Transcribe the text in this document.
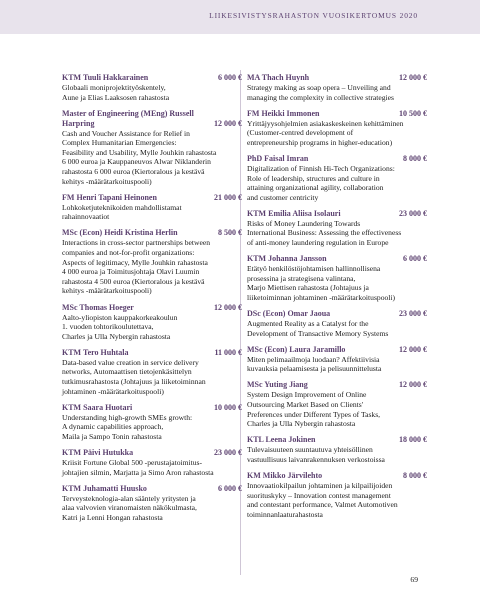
LIIKESIVISTYSRAHASTON VUOSIKERTOMUS 2020
KTM Tuuli Hakkarainen	6 000 €
Globaali moniprojektityöskentely,
Aune ja Elias Laaksosen rahastosta
Master of Engineering (MEng) Russell
Harpring	12 000 €
Cash and Voucher Assistance for Relief in
Complex Humanitarian Emergencies:
Feasibility and Usability, Mylle Jouhkin rahastosta
6 000 euroa ja Kauppaneuvos Alwar Niklanderin
rahastosta 6 000 euroa (Kiertoralous ja kestävä
kehitys -määrätarkoituspooli)
FM Henri Tapani Heinonen	21 000 €
Lohkoketjuteknikoiden mahdollistamat
rahainnovaatiot
MSc (Econ) Heidi Kristina Herlin	8 500 €
Interactions in cross-sector partnerships between
companies and not-for-profit organizations:
Aspects of legitimacy, Mylle Jouhkin rahastosta
4 000 euroa ja Toimitusjohtaja Olavi Luumin
rahastosta 4 500 euroa (Kiertoralous ja kestävä
kehitys -määrätarkoituspooli)
MSc Thomas Hoeger	12 000 €
Aalto-yliopiston kauppakorkeakoulun
1. vuoden tohtorikoulutettava,
Charles ja Ulla Nybergin rahastosta
KTM Tero Huhtala	11 000 €
Data-based value creation in service delivery
networks, Automaattisen tietojenkäsittelyn
tutkimusrahastosta (Johtajuus ja liiketoiminnan
johtaminen -määrätarkoituspooli)
KTM Saara Huotari	10 000 €
Understanding high-growth SMEs growth:
A dynamic capabilities approach,
Maila ja Sampo Tonin rahastosta
KTM Päivi Hutukka	23 000 €
Kriisit Fortune Global 500 -perustajatoimitus-
johtajien silmin, Marjatta ja Simo Aron rahastosta
KTM Juhamatti Huusko	6 000 €
Terveysteknologia-alan sääntely yritysten ja
alaa valvovien viranomaisten näkökulmasta,
Katri ja Lenni Hongan rahastosta
MA Thach Huynh	12 000 €
Strategy making as soap opera – Unveiling and
managing the complexity in collective strategies
FM Heikki Immonen	10 500 €
Yrittäjyysohjelmien asiakaskeskeinen kehittäminen
(Customer-centred development of
entrepreneurship programs in higher-education)
PhD Faisal Imran	8 000 €
Digitalization of Finnish Hi-Tech Organizations:
Role of leadership, structures and culture in
attaining organizational agility, collaboration
and customer centricity
KTM Emilia Aliisa Isolauri	23 000 €
Risks of Money Laundering Towards
International Business: Assessing the effectiveness
of anti-money laundering regulation in Europe
KTM Johanna Jansson	6 000 €
Etätyö henkilöstöjohtamisen hallinnollisena
prosessina ja strategisena valintana,
Marjo Miettisen rahastosta (Johtajuus ja
liiketoiminnan johtaminen -määrätarkoituspooli)
DSc (Econ) Omar Jaoua	23 000 €
Augmented Reality as a Catalyst for the
Development of Transactive Memory Systems
MSc (Econ) Laura Jaramillo	12 000 €
Miten pelimaailmoja luodaan? Affektiivisia
kuvauksia pelaamisesta ja pelisuunnittelusta
MSc Yuting Jiang	12 000 €
System Design Improvement of Online
Outsourcing Market Based on Clients'
Preferences under Different Types of Tasks,
Charles ja Ulla Nybergin rahastosta
KTL Leena Jokinen	18 000 €
Tulevaisuuteen suuntautuva yhteisöllinen
vastuullisuus laivanrakennuksen verkostoissa
KM Mikko Järvilehto	8 000 €
Innovaatiokilpailun johtaminen ja kilpailijoiden
suorituskyky – Innovation contest management
and contestant performance, Valmet Automotiven
toiminnanlaaturahastosta
69
